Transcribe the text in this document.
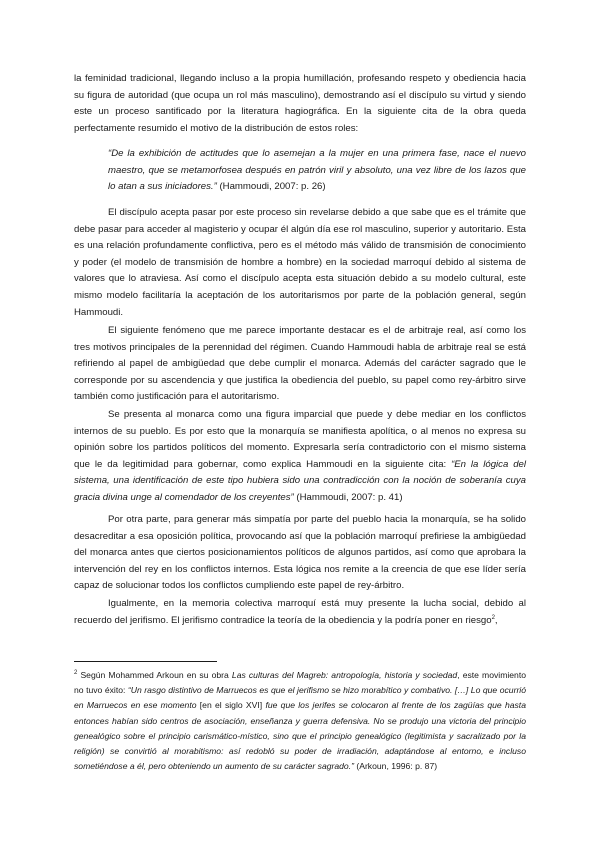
la feminidad tradicional, llegando incluso a la propia humillación, profesando respeto y obediencia hacia su figura de autoridad (que ocupa un rol más masculino), demostrando así el discípulo su virtud y siendo este un proceso santificado por la literatura hagiográfica. En la siguiente cita de la obra queda perfectamente resumido el motivo de la distribución de estos roles:

“De la exhibición de actitudes que lo asemejan a la mujer en una primera fase, nace el nuevo maestro, que se metamorfosea después en patrón viril y absoluto, una vez libre de los lazos que lo atan a sus iniciadores.” (Hammoudi, 2007: p. 26)

El discípulo acepta pasar por este proceso sin revelarse debido a que sabe que es el trámite que debe pasar para acceder al magisterio y ocupar él algún día ese rol masculino, superior y autoritario. Esta es una relación profundamente conflictiva, pero es el método más válido de transmisión de conocimiento y poder (el modelo de transmisión de hombre a hombre) en la sociedad marroquí debido al sistema de valores que lo atraviesa. Así como el discípulo acepta esta situación debido a su modelo cultural, este mismo modelo facilitaría la aceptación de los autoritarismos por parte de la población general, según Hammoudi.

El siguiente fenómeno que me parece importante destacar es el de arbitraje real, así como los tres motivos principales de la perennidad del régimen. Cuando Hammoudi habla de arbitraje real se está refiriendo al papel de ambigüedad que debe cumplir el monarca. Además del carácter sagrado que le corresponde por su ascendencia y que justifica la obediencia del pueblo, su papel como rey-árbitro sirve también como justificación para el autoritarismo.

Se presenta al monarca como una figura imparcial que puede y debe mediar en los conflictos internos de su pueblo. Es por esto que la monarquía se manifiesta apolítica, o al menos no expresa su opinión sobre los partidos políticos del momento. Expresarla sería contradictorio con el mismo sistema que le da legitimidad para gobernar, como explica Hammoudi en la siguiente cita: “En la lógica del sistema, una identificación de este tipo hubiera sido una contradicción con la noción de soberanía cuya gracia divina unge al comendador de los creyentes” (Hammoudi, 2007: p. 41)

Por otra parte, para generar más simpatía por parte del pueblo hacia la monarquía, se ha solido desacreditar a esa oposición política, provocando así que la población marroquí prefiriese la ambigüedad del monarca antes que ciertos posicionamientos políticos de algunos partidos, así como que aprobara la intervención del rey en los conflictos internos. Esta lógica nos remite a la creencia de que ese líder sería capaz de solucionar todos los conflictos cumpliendo este papel de rey-árbitro.

Igualmente, en la memoria colectiva marroquí está muy presente la lucha social, debido al recuerdo del jerifismo. El jerifismo contradice la teoría de la obediencia y la podría poner en riesgo$^2$,

$^2$ Según Mohammed Arkoun en su obra Las culturas del Magreb: antropología, historia y sociedad, este movimiento no tuvo éxito: “Un rasgo distintivo de Marruecos es que el jerifismo se hizo morabítico y combativo. […] Lo que ocurrió en Marruecos en ese momento [en el siglo XVI] fue que los jerifes se colocaron al frente de los zagüías que hasta entonces habían sido centros de asociación, enseñanza y guerra defensiva. No se produjo una victoria del principio genealógico sobre el principio carismático-místico, sino que el principio genealógico (legitimista y sacralizado por la religión) se convirtió al morabitismo: así redobló su poder de irradiación, adaptándose al entorno, e incluso sometiéndose a él, pero obteniendo un aumento de su carácter sagrado.” (Arkoun, 1996: p. 87)
